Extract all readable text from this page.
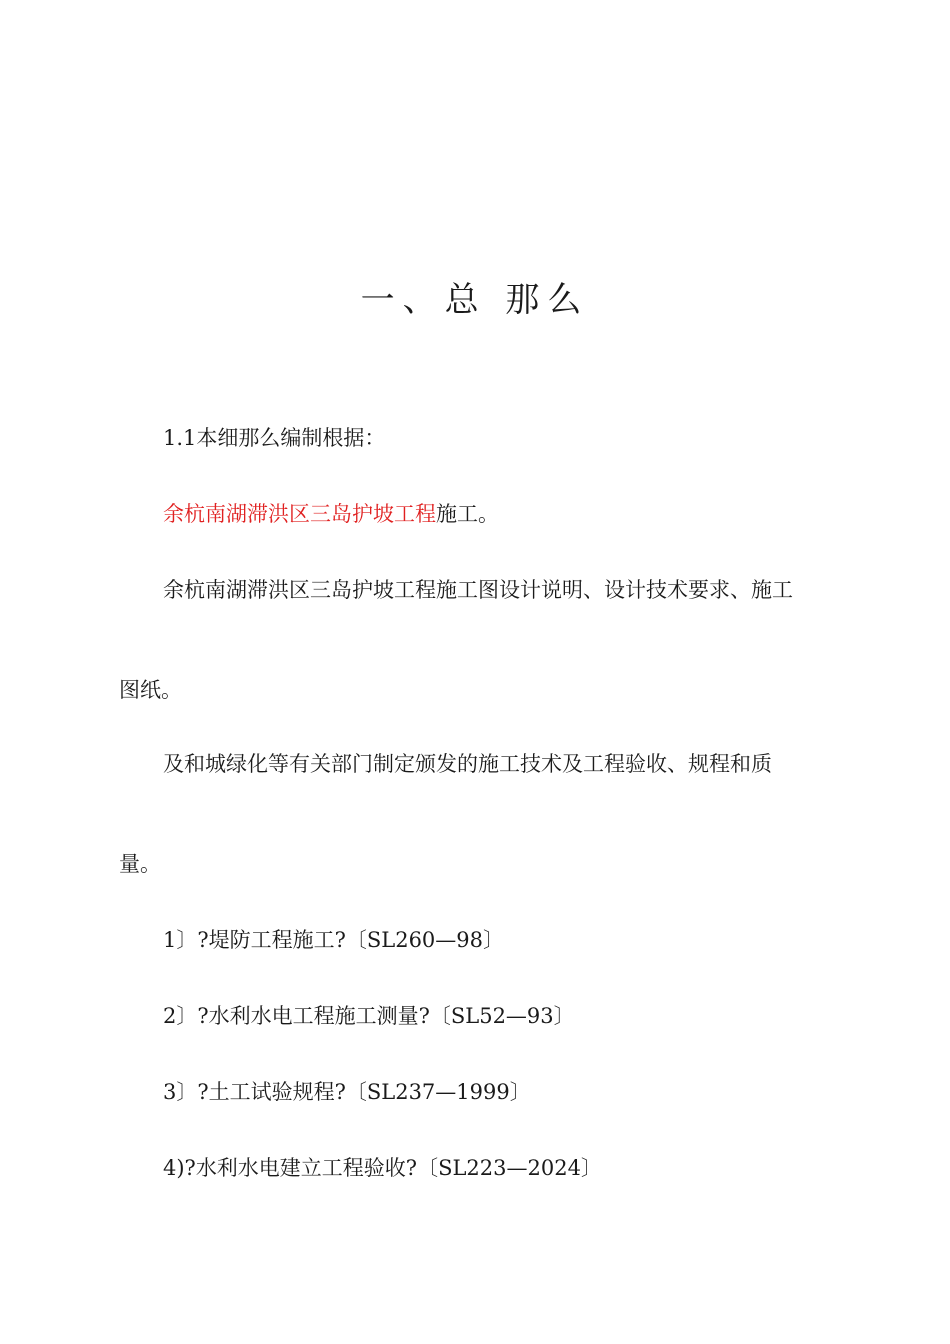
一、总 那么
1.1本细那么编制根据：
余杭南湖滞洪区三岛护坡工程施工。
余杭南湖滞洪区三岛护坡工程施工图设计说明、设计技术要求、施工
图纸。
及和城绿化等有关部门制定颁发的施工技术及工程验收、规程和质
量。
1〕?堤防工程施工?〔SL260—98〕
2〕?水利水电工程施工测量?〔SL52—93〕
3〕?土工试验规程?〔SL237—1999〕
4)?水利水电建立工程验收?〔SL223—2024〕
